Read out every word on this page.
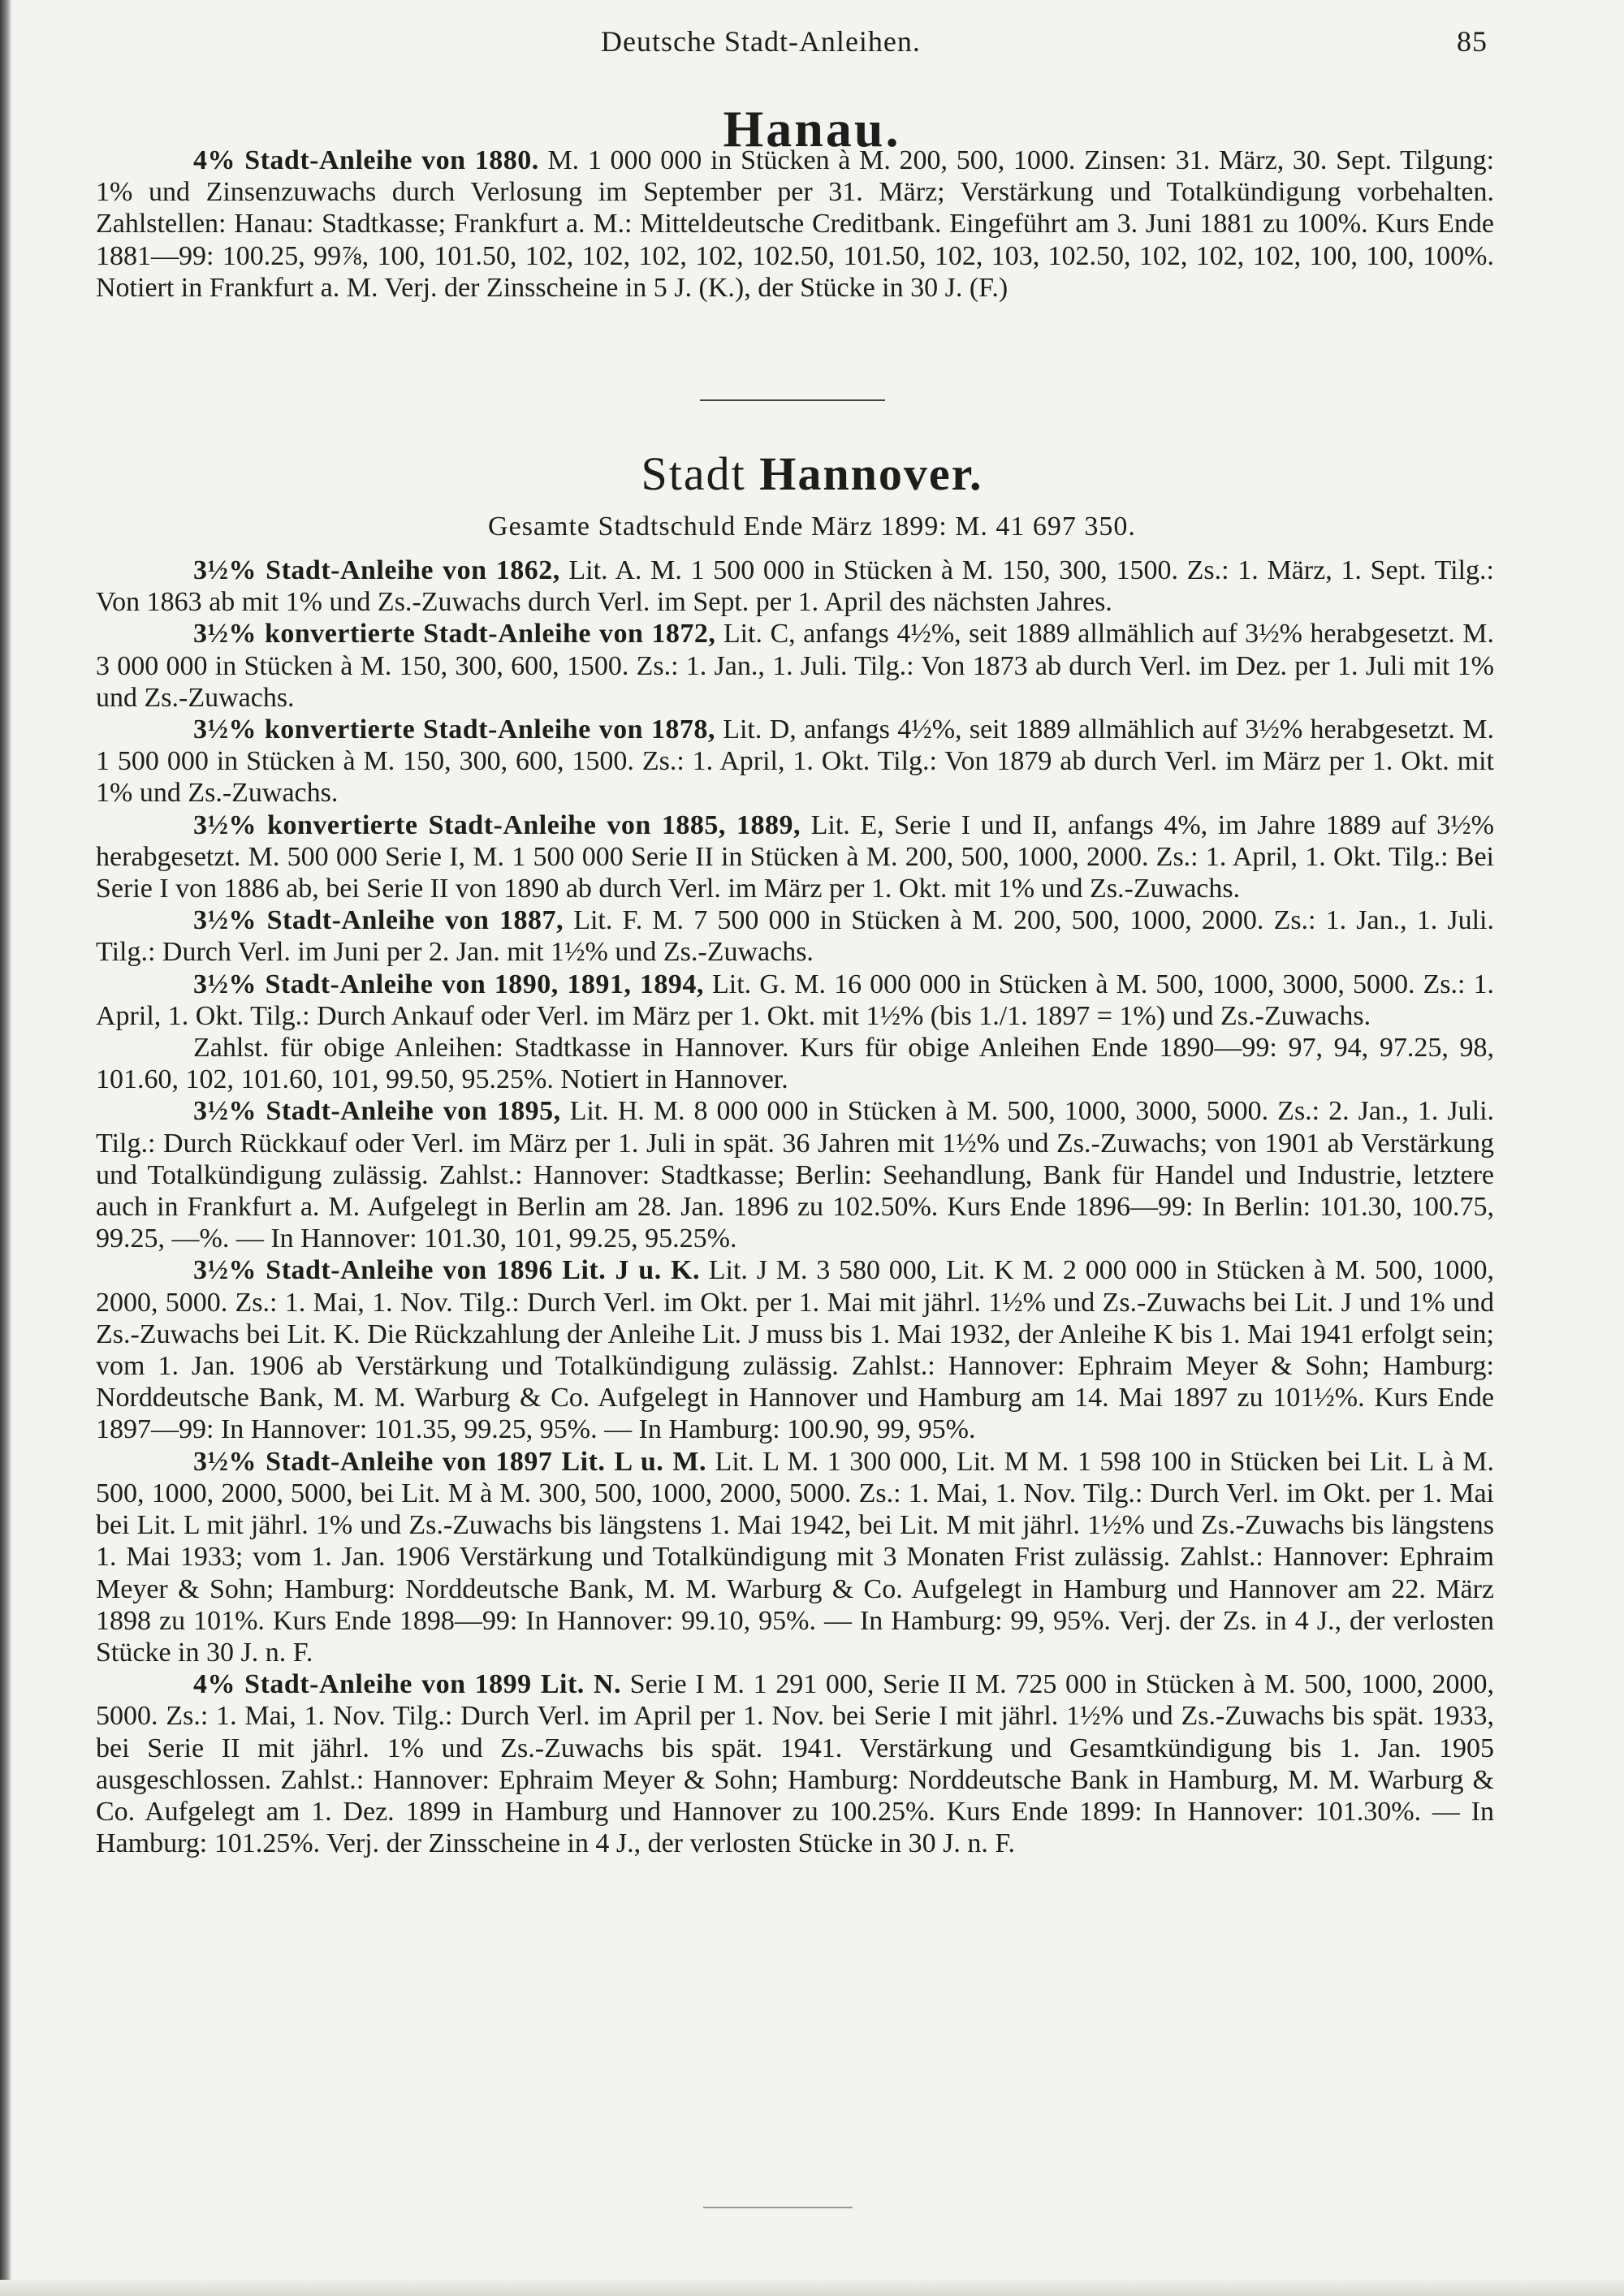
Deutsche Stadt-Anleihen.	85
Hanau.

4% Stadt-Anleihe von 1880. M. 1 000 000 in Stücken à M. 200, 500, 1000. Zinsen: 31. März, 30. Sept. Tilgung: 1% und Zinsenzuwachs durch Verlosung im September per 31. März; Verstärkung und Totalkündigung vorbehalten. Zahlstellen: Hanau: Stadtkasse; Frankfurt a. M.: Mitteldeutsche Creditbank. Eingeführt am 3. Juni 1881 zu 100%. Kurs Ende 1881—99: 100.25, 99⅞, 100, 101.50, 102, 102, 102, 102, 102.50, 101.50, 102, 103, 102.50, 102, 102, 102, 100, 100, 100%. Notiert in Frankfurt a. M. Verj. der Zinsscheine in 5 J. (K.), der Stücke in 30 J. (F.)

Stadt Hannover.
Gesamte Stadtschuld Ende März 1899: M. 41 697 350.

3½% Stadt-Anleihe von 1862, Lit. A. M. 1 500 000 in Stücken à M. 150, 300, 1500. Zs.: 1. März, 1. Sept. Tilg.: Von 1863 ab mit 1% und Zs.-Zuwachs durch Verl. im Sept. per 1. April des nächsten Jahres.

3½% konvertierte Stadt-Anleihe von 1872, Lit. C, anfangs 4½%, seit 1889 allmählich auf 3½% herabgesetzt. M. 3 000 000 in Stücken à M. 150, 300, 600, 1500. Zs.: 1. Jan., 1. Juli. Tilg.: Von 1873 ab durch Verl. im Dez. per 1. Juli mit 1% und Zs.-Zuwachs.

3½% konvertierte Stadt-Anleihe von 1878, Lit. D, anfangs 4½%, seit 1889 allmählich auf 3½% herabgesetzt. M. 1 500 000 in Stücken à M. 150, 300, 600, 1500. Zs.: 1. April, 1. Okt. Tilg.: Von 1879 ab durch Verl. im März per 1. Okt. mit 1% und Zs.-Zuwachs.

3½% konvertierte Stadt-Anleihe von 1885, 1889, Lit. E, Serie I und II, anfangs 4%, im Jahre 1889 auf 3½% herabgesetzt. M. 500 000 Serie I, M. 1 500 000 Serie II in Stücken à M. 200, 500, 1000, 2000. Zs.: 1. April, 1. Okt. Tilg.: Bei Serie I von 1886 ab, bei Serie II von 1890 ab durch Verl. im März per 1. Okt. mit 1% und Zs.-Zuwachs.

3½% Stadt-Anleihe von 1887, Lit. F. M. 7 500 000 in Stücken à M. 200, 500, 1000, 2000. Zs.: 1. Jan., 1. Juli. Tilg.: Durch Verl. im Juni per 2. Jan. mit 1½% und Zs.-Zuwachs.

3½% Stadt-Anleihe von 1890, 1891, 1894, Lit. G. M. 16 000 000 in Stücken à M. 500, 1000, 3000, 5000. Zs.: 1. April, 1. Okt. Tilg.: Durch Ankauf oder Verl. im März per 1. Okt. mit 1½% (bis 1./1. 1897 = 1%) und Zs.-Zuwachs.

Zahlst. für obige Anleihen: Stadtkasse in Hannover. Kurs für obige Anleihen Ende 1890—99: 97, 94, 97.25, 98, 101.60, 102, 101.60, 101, 99.50, 95.25%. Notiert in Hannover.

3½% Stadt-Anleihe von 1895, Lit. H. M. 8 000 000 in Stücken à M. 500, 1000, 3000, 5000. Zs.: 2. Jan., 1. Juli. Tilg.: Durch Rückkauf oder Verl. im März per 1. Juli in spät. 36 Jahren mit 1½% und Zs.-Zuwachs; von 1901 ab Verstärkung und Totalkündigung zulässig. Zahlst.: Hannover: Stadtkasse; Berlin: Seehandlung, Bank für Handel und Industrie, letztere auch in Frankfurt a. M. Aufgelegt in Berlin am 28. Jan. 1896 zu 102.50%. Kurs Ende 1896—99: In Berlin: 101.30, 100.75, 99.25, —%. — In Hannover: 101.30, 101, 99.25, 95.25%.

3½% Stadt-Anleihe von 1896 Lit. J u. K. Lit. J M. 3 580 000, Lit. K M. 2 000 000 in Stücken à M. 500, 1000, 2000, 5000. Zs.: 1. Mai, 1. Nov. Tilg.: Durch Verl. im Okt. per 1. Mai mit jährl. 1½% und Zs.-Zuwachs bei Lit. J und 1% und Zs.-Zuwachs bei Lit. K. Die Rückzahlung der Anleihe Lit. J muss bis 1. Mai 1932, der Anleihe K bis 1. Mai 1941 erfolgt sein; vom 1. Jan. 1906 ab Verstärkung und Totalkündigung zulässig. Zahlst.: Hannover: Ephraim Meyer & Sohn; Hamburg: Norddeutsche Bank, M. M. Warburg & Co. Aufgelegt in Hannover und Hamburg am 14. Mai 1897 zu 101½%. Kurs Ende 1897—99: In Hannover: 101.35, 99.25, 95%. — In Hamburg: 100.90, 99, 95%.

3½% Stadt-Anleihe von 1897 Lit. L u. M. Lit. L M. 1 300 000, Lit. M M. 1 598 100 in Stücken bei Lit. L à M. 500, 1000, 2000, 5000, bei Lit. M à M. 300, 500, 1000, 2000, 5000. Zs.: 1. Mai, 1. Nov. Tilg.: Durch Verl. im Okt. per 1. Mai bei Lit. L mit jährl. 1% und Zs.-Zuwachs bis längstens 1. Mai 1942, bei Lit. M mit jährl. 1½% und Zs.-Zuwachs bis längstens 1. Mai 1933; vom 1. Jan. 1906 Verstärkung und Totalkündigung mit 3 Monaten Frist zulässig. Zahlst.: Hannover: Ephraim Meyer & Sohn; Hamburg: Norddeutsche Bank, M. M. Warburg & Co. Aufgelegt in Hamburg und Hannover am 22. März 1898 zu 101%. Kurs Ende 1898—99: In Hannover: 99.10, 95%. — In Hamburg: 99, 95%. Verj. der Zs. in 4 J., der verlosten Stücke in 30 J. n. F.

4% Stadt-Anleihe von 1899 Lit. N. Serie I M. 1 291 000, Serie II M. 725 000 in Stücken à M. 500, 1000, 2000, 5000. Zs.: 1. Mai, 1. Nov. Tilg.: Durch Verl. im April per 1. Nov. bei Serie I mit jährl. 1½% und Zs.-Zuwachs bis spät. 1933, bei Serie II mit jährl. 1% und Zs.-Zuwachs bis spät. 1941. Verstärkung und Gesamtkündigung bis 1. Jan. 1905 ausgeschlossen. Zahlst.: Hannover: Ephraim Meyer & Sohn; Hamburg: Norddeutsche Bank in Hamburg, M. M. Warburg & Co. Aufgelegt am 1. Dez. 1899 in Hamburg und Hannover zu 100.25%. Kurs Ende 1899: In Hannover: 101.30%. — In Hamburg: 101.25%. Verj. der Zinsscheine in 4 J., der verlosten Stücke in 30 J. n. F.
